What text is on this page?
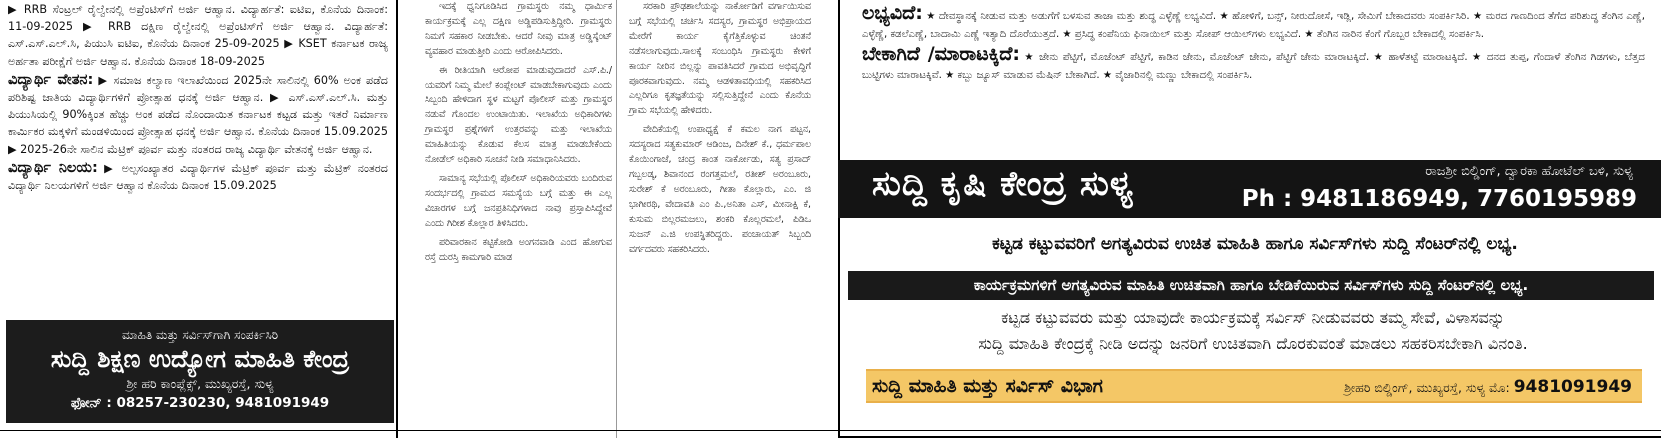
▶ RRB ಸೆಂಟ್ರಲ್ ರೈಲ್ವೇನಲ್ಲಿ ಅಪ್ರೆಂಟಿಸ್‌ಗೆ ಅರ್ಜಿ ಆಹ್ವಾನ. ವಿದ್ಯಾರ್ಹತೆ: ಐಟಿಐ, ಕೊನೆಯ ದಿನಾಂಕ: 11-09-2025 ▶ RRB ದಕ್ಷಿಣ ರೈಲ್ವೇನಲ್ಲಿ ಅಪ್ರೆಂಟಿಸ್‌ಗೆ ಅರ್ಜಿ ಆಹ್ವಾನ. ವಿದ್ಯಾರ್ಹತೆ: ಎಸ್.ಎಸ್.ಎಲ್.ಸಿ, ಪಿಯುಸಿ ಐಟಿಐ, ಕೊನೆಯ ದಿನಾಂಕ 25-09-2025 ▶ KSET ಕರ್ನಾಟಕ ರಾಜ್ಯ ಅರ್ಹತಾ ಪರೀಕ್ಷೆಗೆ ಅರ್ಜಿ ಆಹ್ವಾನ. ಕೊನೆಯ ದಿನಾಂಕ 18-09-2025

ವಿದ್ಯಾರ್ಥಿ ವೇತನ: ▶ ಸಮಾಜ ಕಲ್ಯಾಣ ಇಲಾಖೆಯಿಂದ 2025ನೇ ಸಾಲಿನಲ್ಲಿ 60% ಅಂಕ ಪಡೆದ ಪರಿಶಿಷ್ಟ ಜಾತಿಯ ವಿದ್ಯಾರ್ಥಿಗಳಿಗೆ ಪ್ರೋತ್ಸಾಹ ಧನಕ್ಕೆ ಅರ್ಜಿ ಆಹ್ವಾನ. ▶ ಎಸ್.ಎಸ್.ಎಲ್.ಸಿ. ಮತ್ತು ಪಿಯುಸಿಯಲ್ಲಿ 90%ಕ್ಕಿಂತ ಹೆಚ್ಚು ಅಂಕ ಪಡೆದ ನೊಂದಾಯಿತ ಕರ್ನಾಟಕ ಕಟ್ಟಡ ಮತ್ತು ಇತರೆ ನಿರ್ಮಾಣ ಕಾರ್ಮಿಕರ ಮಕ್ಕಳಿಗೆ ಮಂಡಳಿಯಿಂದ ಪ್ರೋತ್ಸಾಹ ಧನಕ್ಕೆ ಅರ್ಜಿ ಆಹ್ವಾನ. ಕೊನೆಯ ದಿನಾಂಕ 15.09.2025 ▶ 2025-26ನೇ ಸಾಲಿನ ಮೆಟ್ರಿಕ್ ಪೂರ್ವ ಮತ್ತು ನಂತರದ ರಾಜ್ಯ ವಿದ್ಯಾರ್ಥಿ ವೇತನಕ್ಕೆ ಅರ್ಜಿ ಆಹ್ವಾನ.

ವಿದ್ಯಾರ್ಥಿ ನಿಲಯ: ▶ ಅಲ್ಪಸಂಖ್ಯಾತರ ವಿದ್ಯಾರ್ಥಿಗಳ ಮೆಟ್ರಿಕ್ ಪೂರ್ವ ಮತ್ತು ಮೆಟ್ರಿಕ್ ನಂತರದ ವಿದ್ಯಾರ್ಥಿ ನಿಲಯಗಳಿಗೆ ಅರ್ಜಿ ಆಹ್ವಾನ ಕೊನೆಯ ದಿನಾಂಕ 15.09.2025

ಮಾಹಿತಿ ಮತ್ತು ಸರ್ವಿಸ್‌ಗಾಗಿ ಸಂಪರ್ಕಿಸಿರಿ
ಸುದ್ದಿ ಶಿಕ್ಷಣ ಉದ್ಯೋಗ ಮಾಹಿತಿ ಕೇಂದ್ರ
ಶ್ರೀ ಹರಿ ಕಾಂಪ್ಲೆಕ್ಸ್, ಮುಖ್ಯರಸ್ತೆ, ಸುಳ್ಯ
ಫೋನ್ : 08257-230230, 9481091949

ಇದಕ್ಕೆ ಧ್ವನಿಗೂಡಿಸಿದ ಗ್ರಾಮಸ್ಥರು ನಮ್ಮ ಧಾರ್ಮಿಕ ಕಾರ್ಯಕ್ರಮಕ್ಕೆ ಎಲ್ಲ ದಕ್ಷಿಣ ಅಡ್ಡಿಪಡಿಸುತ್ತಿದ್ದೀರಿ. ಗ್ರಾಮಸ್ಥರು ನಿಮಗೆ ಸಹಕಾರ ನೀಡಬೇಕು. ಆದರೆ ನೀವು ಮಾತ್ರ ಅಡ್ಡಿಸ್ಕೆಂಟ್ ವ್ಯವಹಾರ ಮಾಡುತ್ತೀರಿ ಎಂದು ಆರೋಪಿಸಿದರು.

ಈ ರೀತಿಯಾಗಿ ಆರೋಪ ಮಾಡುವುದಾದರೆ ಎಸ್.ಪಿ./ಯವರಿಗೆ ನಿಮ್ಮ ಮೇಲೆ ಕಂಪ್ಲೇಂಟ್ ಮಾಡಬೇಕಾಗುವುದು ಎಂದು ಸಿಬ್ಬಂದಿ ಹೇಳಿದಾಗ ಸ್ಥಳ ಮಟ್ಟಗೆ ಪೊಲೀಸ್ ಮತ್ತು ಗ್ರಾಮಸ್ಥರ ನಡುವೆ ಗೊಂದಲ ಉಂಟಾಯಿತು. ಇಲಾಖೆಯ ಅಧಿಕಾರಿಗಳು ಗ್ರಾಮಸ್ಥರ ಪ್ರಶ್ನೆಗಳಿಗೆ ಉತ್ತರವನ್ನು ಮತ್ತು ಇಲಾಖೆಯ ಮಾಹಿತಿಯನ್ನು ಕೊಡುವ ಕೆಲಸ ಮಾತ್ರ ಮಾಡಬೇಕೆಂದು ನೋಡೆಲ್ ಅಧಿಕಾರಿ ಸೂಚನೆ ನೀಡಿ ಸಮಾಧಾನಿಸಿದರು.

ಸಾಮಾನ್ಯ ಸಭೆಯಲ್ಲಿ ಪೊಲೀಸ್ ಅಧಿಕಾರಿಯವರು ಬಂದಿರುವ ಸಂದರ್ಭದಲ್ಲಿ ಗ್ರಾಮದ ಸಮಸ್ಯೆಯ ಬಗ್ಗೆ ಮತ್ತು ಈ ಎಲ್ಲ ವಿಚಾರಗಳ ಬಗ್ಗೆ ಜನಪ್ರತಿನಿಧಿಗಳಾದ ನಾವು ಪ್ರಸ್ತಾಪಿಸಿದ್ದೇವೆ ಎಂದು ಗಿರೀಶ ಕೊಲ್ಲಾರ ತಿಳಿಸಿದರು.

ಪರಿವಾರಕಾನ ಕಟ್ಟಿಕೋಡಿ ಅಂಗನವಾಡಿ ಎಂದ ಹೋಗುವ ರಸ್ತೆ ದುರಸ್ತಿ ಕಾಮಗಾರಿ ಮಾಡ

ಸರಕಾರಿ ಪ್ರೌಢಶಾಲೆಯನ್ನು ನಾರ್ಕೋಡಿಗೆ ವರ್ಗಾಯಿಸುವ ಬಗ್ಗೆ ಸಭೆಯಲ್ಲಿ ಚರ್ಚಿಸಿ ಸದಸ್ಯರ, ಗ್ರಾಮಸ್ಥರ ಅಭಿಪ್ರಾಯದ ಮೇರೆಗೆ ಕಾರ್ಯ ಕೈಗೆತ್ತಿಕೊಳ್ಳುವ ಚಿಂತನೆ ನಡೆಸಲಾಗುವುದು.ಸಾಲಕ್ಕೆ ಸಂಬಂಧಿಸಿ ಗ್ರಾಮಸ್ಥರು ಕೇಳಿಗೆ ಕಾರ್ಯ ನೀರಿನ ಬಿಲ್ಲನ್ನು ಪಾವತಿಸಿದರೆ ಗ್ರಾಮದ ಅಭಿವೃದ್ಧಿಗೆ ಪೂರಕವಾಗುವುದು. ನಮ್ಮ ಆಡಳಿತಾವಧಿಯಲ್ಲಿ ಸಹಕರಿಸಿದ ಎಲ್ಲರಿಗೂ ಕೃತಜ್ಞತೆಯನ್ನು ಸಲ್ಲಿಸುತ್ತಿದ್ದೇನೆ ಎಂದು ಕೊನೆಯ ಗ್ರಾಮ ಸಭೆಯಲ್ಲಿ ಹೇಳಿದರು.

ವೇದಿಕೆಯಲ್ಲಿ ಉಪಾಧ್ಯಕ್ಷೆ ಕೆ ಕಮಲ ನಾಗ ಪಟ್ಟನ, ಸದಸ್ಯರಾದ ಸತ್ಯಕುಮಾರ್ ಆಡಿಂಜ, ದಿನೇಶ್ ಕೆ., ಧರ್ಮಪಾಲ ಕೊಯಿಂಗಾಜೆ, ಚಂದ್ರ ಕಾಂತ ನಾರ್ಕೋಡು, ಸತ್ಯ ಪ್ರಸಾದ್ ಗಬ್ಬಲಡ್ಕ, ಶಿವಾನಂದ ರಂಗತ್ತಮಲೆ, ರತೀಶ್ ಅರಂಬೂರು, ಸುರೇಶ್ ಕೆ ಅರಂಬೂರು, ಗೀತಾ ಕೊಲ್ಲಾರು, ಎಂ. ಜಿ ಭಾಗೀರಥಿ, ವೇದಾವತಿ ಎಂ ಪಿ.,ಅನಿತಾ ಎಸ್, ಮೀನಾಕ್ಷಿ ಕೆ, ಕುಸುಮ ಬಿಲ್ಲರಮಜಲು, ಶಂಕರಿ ಕೊಲ್ಲರಮಲೆ, ಪಿಡಿಒ ಸುಜನ್ ಎ.ಜಿ ಉಪಸ್ಥಿತರಿದ್ದರು. ಪಂಚಾಯತ್ ಸಿಬ್ಬಂದಿ ವರ್ಗದವರು ಸಹಕರಿಸಿದರು.

ಲಭ್ಯವಿದೆ: ★ ದೇವಸ್ಥಾನಕ್ಕೆ ನೀಡುವ ಮತ್ತು ಅಡುಗೆಗೆ ಬಳಸುವ ತಾಜಾ ಮತ್ತು ಶುದ್ಧ ಎಳ್ಳೆಣ್ಣೆ ಲಭ್ಯವಿದೆ. ★ ಹೋಳಿಗೆ, ಬನ್ಸ್, ನೀರುದೋಸೆ, ಇಡ್ಲಿ, ಸೇಮಿಗೆ ಬೇಕಾದವರು ಸಂಪರ್ಕಿಸಿರಿ. ★ ಮರದ ಗಾಣದಿಂದ ತೆಗೆದ ಪರಿಶುದ್ಧ ತೆಂಗಿನ ಎಣ್ಣೆ, ಎಳ್ಳೆಣ್ಣೆ, ಕಡಲೆಎಣ್ಣೆ, ಬಾದಾಮಿ ಎಣ್ಣೆ ಇತ್ಯಾದಿ ದೊರೆಯುತ್ತದೆ. ★ ಪ್ರಸಿದ್ಧ ಕಂಪೆನಿಯ ಫಿನಾಯಿಲ್ ಮತ್ತು ಸೋಪ್ ಆಯಿಲ್‌ಗಳು ಲಭ್ಯವಿದೆ. ★ ತೆಂಗಿನ ನಾರಿನ ಕೆಂಗೆ ಗೊಬ್ಬರ ಬೇಕಾದಲ್ಲಿ ಸಂಪರ್ಕಿಸಿ.
ಬೇಕಾಗಿದೆ /ಮಾರಾಟಕ್ಕಿದೆ: ★ ಜೇನು ಪೆಟ್ಟಿಗೆ, ಮೊಜೆಂಟ್ ಪೆಟ್ಟಿಗೆ, ಕಾಡಿನ ಜೇನು, ಮೊಜೆಂಟ್ ಜೇನು, ಪೆಟ್ಟಿಗೆ ಜೇನು ಮಾರಾಟಕ್ಕಿದೆ. ★ ಹಾಳೆತಟ್ಟೆ ಮಾರಾಟಕ್ಕಿದೆ. ★ ದನದ ತುಪ್ಪ, ಗೆಂದಾಳೆ ತೆಂಗಿನ ಗಿಡಗಳು, ಬೆತ್ತದ ಬುಟ್ಟಿಗಳು ಮಾರಾಟಕ್ಕಿವೆ. ★ ಕಬ್ಬು ಜ್ಯೂಸ್ ಮಾಡುವ ಮೆಷಿನ್ ಬೇಕಾಗಿದೆ. ★ ವೈಜಾರಿನಲ್ಲಿ ಮಣ್ಣು ಬೇಕಾದಲ್ಲಿ ಸಂಪರ್ಕಿಸಿ.
ಸುದ್ದಿ ಕೃಷಿ ಕೇಂದ್ರ ಸುಳ್ಯ	ರಾಜಶ್ರೀ ಬಿಲ್ಡಿಂಗ್, ದ್ವಾರಕಾ ಹೋಟೆಲ್ ಬಳಿ, ಸುಳ್ಯ
Ph : 9481186949, 7760195989
ಕಟ್ಟಡ ಕಟ್ಟುವವರಿಗೆ ಅಗತ್ಯವಿರುವ ಉಚಿತ ಮಾಹಿತಿ ಹಾಗೂ ಸರ್ವಿಸ್‌ಗಳು ಸುದ್ದಿ ಸೆಂಟರ್‌ನಲ್ಲಿ ಲಭ್ಯ.
ಕಾರ್ಯಕ್ರಮಗಳಿಗೆ ಅಗತ್ಯವಿರುವ ಮಾಹಿತಿ ಉಚಿತವಾಗಿ ಹಾಗೂ ಬೇಡಿಕೆಯಿರುವ ಸರ್ವಿಸ್‌ಗಳು ಸುದ್ದಿ ಸೆಂಟರ್‌ನಲ್ಲಿ ಲಭ್ಯ.
ಕಟ್ಟಡ ಕಟ್ಟುವವರು ಮತ್ತು ಯಾವುದೇ ಕಾರ್ಯಕ್ರಮಕ್ಕೆ ಸರ್ವಿಸ್ ನೀಡುವವರು ತಮ್ಮ ಸೇವೆ, ವಿಳಾಸವನ್ನು
ಸುದ್ದಿ ಮಾಹಿತಿ ಕೇಂದ್ರಕ್ಕೆ ನೀಡಿ ಅದನ್ನು ಜನರಿಗೆ ಉಚಿತವಾಗಿ ದೊರಕುವಂತೆ ಮಾಡಲು ಸಹಕರಿಸಬೇಕಾಗಿ ವಿನಂತಿ.
ಸುದ್ದಿ ಮಾಹಿತಿ ಮತ್ತು ಸರ್ವಿಸ್ ವಿಭಾಗ	ಶ್ರೀಹರಿ ಬಿಲ್ಡಿಂಗ್, ಮುಖ್ಯರಸ್ತೆ, ಸುಳ್ಯ ಮೊ: 9481091949
